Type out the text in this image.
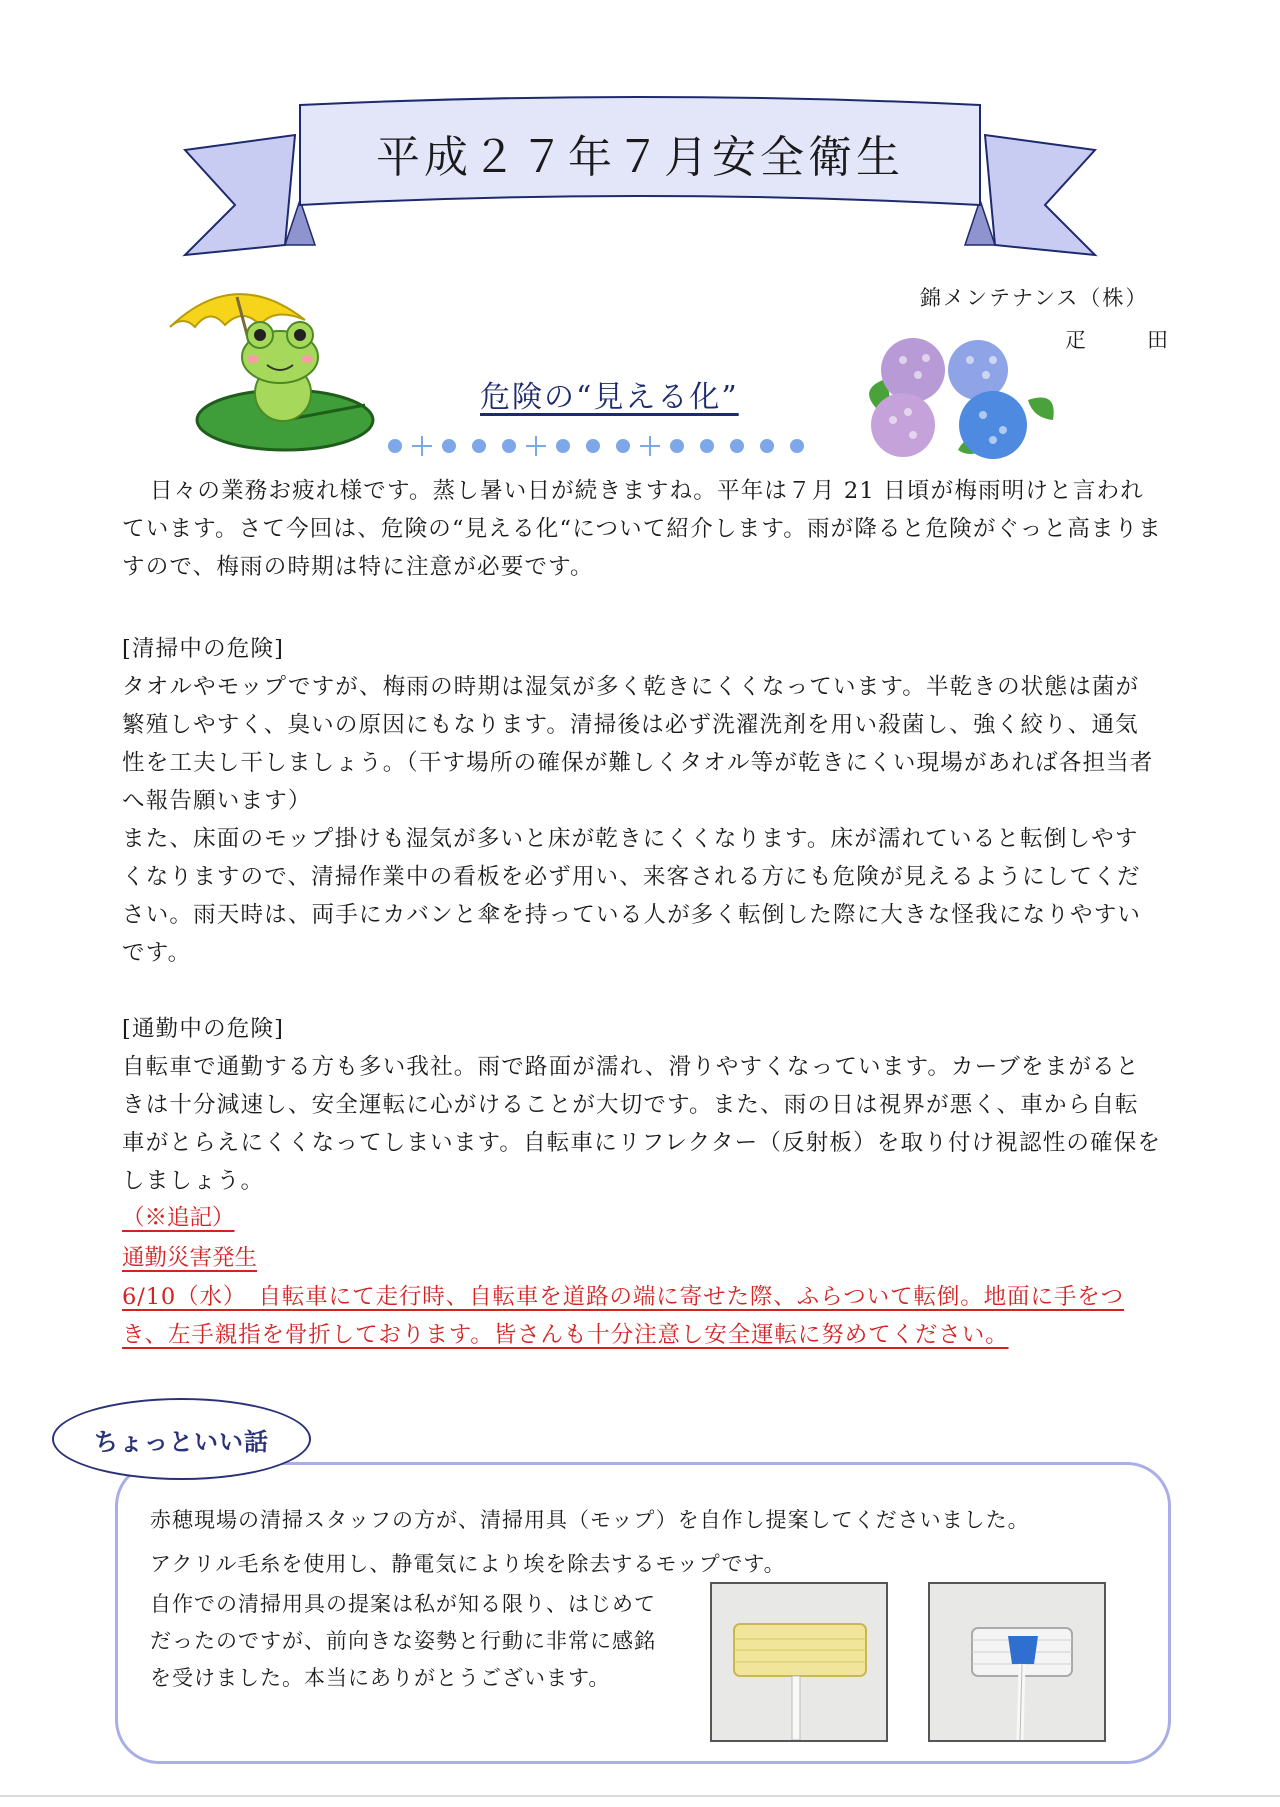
平成２７年７月安全衛生
錦メンテナンス（株）
疋　田
危険の“見える化”

日々の業務お疲れ様です。蒸し暑い日が続きますね。平年は７月 21 日頃が梅雨明けと言われています。さて今回は、危険の“見える化“について紹介します。雨が降ると危険がぐっと高まりますので、梅雨の時期は特に注意が必要です。

[清掃中の危険]

タオルやモップですが、梅雨の時期は湿気が多く乾きにくくなっています。半乾きの状態は菌が繁殖しやすく、臭いの原因にもなります。清掃後は必ず洗濯洗剤を用い殺菌し、強く絞り、通気性を工夫し干しましょう。（干す場所の確保が難しくタオル等が乾きにくい現場があれば各担当者へ報告願います）

また、床面のモップ掛けも湿気が多いと床が乾きにくくなります。床が濡れていると転倒しやすくなりますので、清掃作業中の看板を必ず用い、来客される方にも危険が見えるようにしてください。雨天時は、両手にカバンと傘を持っている人が多く転倒した際に大きな怪我になりやすいです。

[通勤中の危険]

自転車で通勤する方も多い我社。雨で路面が濡れ、滑りやすくなっています。カーブをまがるときは十分減速し、安全運転に心がけることが大切です。また、雨の日は視界が悪く、車から自転車がとらえにくくなってしまいます。自転車にリフレクター（反射板）を取り付け視認性の確保をしましょう。

（※追記）
通勤災害発生
6/10（水）　自転車にて走行時、自転車を道路の端に寄せた際、ふらついて転倒。地面に手をつき、左手親指を骨折しております。皆さんも十分注意し安全運転に努めてください。
ちょっといい話

赤穂現場の清掃スタッフの方が、清掃用具（モップ）を自作し提案してくださいました。

アクリル毛糸を使用し、静電気により埃を除去するモップです。

自作での清掃用具の提案は私が知る限り、はじめてだったのですが、前向きな姿勢と行動に非常に感銘を受けました。本当にありがとうございます。
